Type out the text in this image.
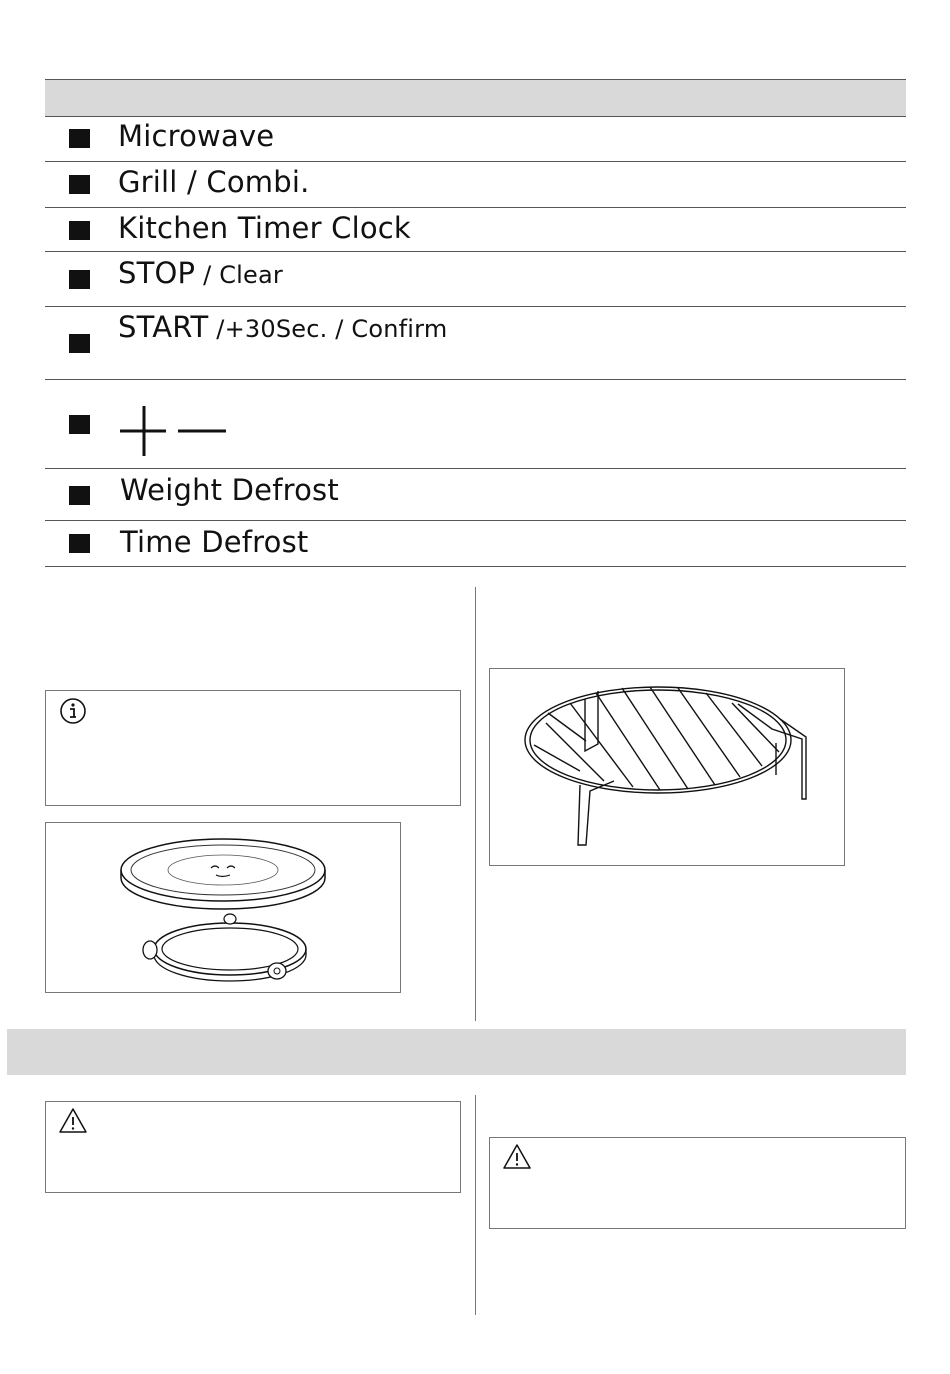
Microwave
Grill / Combi.
Kitchen Timer Clock
STOP / Clear
START /+30Sec. / Confirm
Weight Defrost
Time Defrost
